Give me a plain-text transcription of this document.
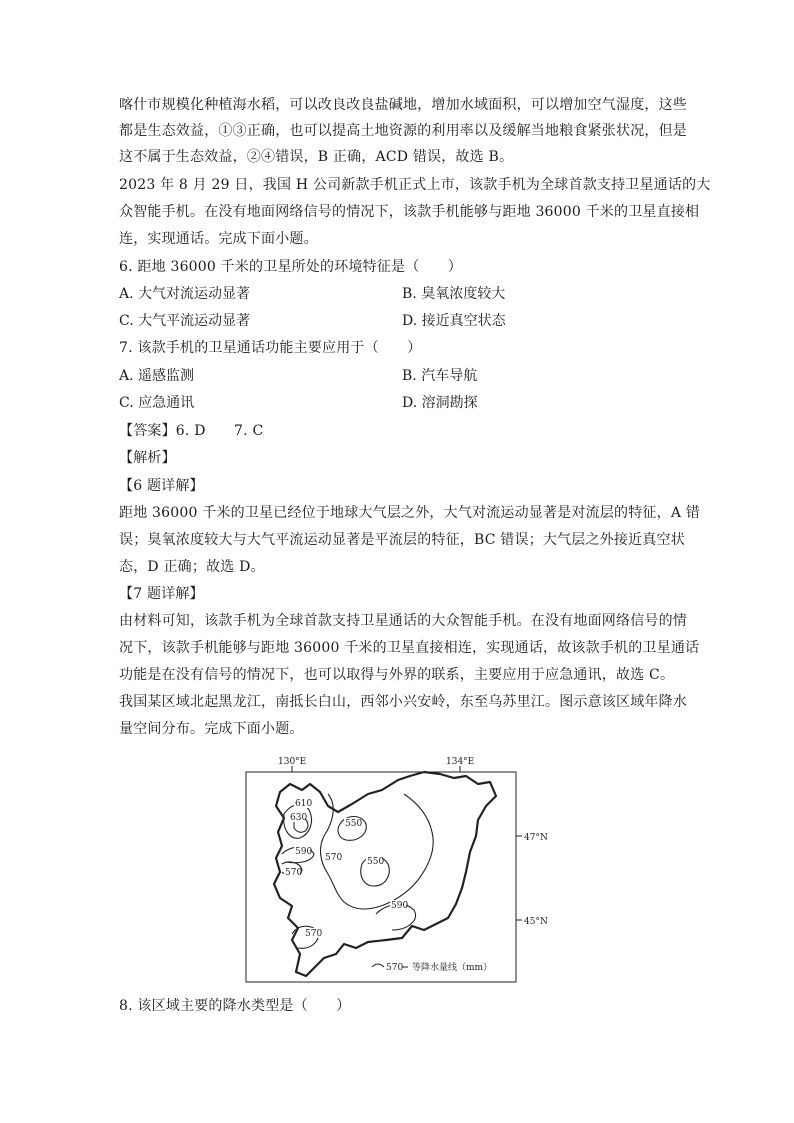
喀什市规模化种植海水稻，可以改良改良盐碱地，增加水域面积，可以增加空气湿度，这些
都是生态效益，①③正确，也可以提高土地资源的利用率以及缓解当地粮食紧张状况，但是
这不属于生态效益，②④错误，B 正确，ACD 错误，故选 B。
2023 年 8 月 29 日，我国 H 公司新款手机正式上市，该款手机为全球首款支持卫星通话的大
众智能手机。在没有地面网络信号的情况下，该款手机能够与距地 36000 千米的卫星直接相
连，实现通话。完成下面小题。
6. 距地 36000 千米的卫星所处的环境特征是（　　）
A. 大气对流运动显著	B. 臭氧浓度较大
C. 大气平流运动显著	D. 接近真空状态
7. 该款手机的卫星通话功能主要应用于（　　）
A. 遥感监测	B. 汽车导航
C. 应急通讯	D. 溶洞勘探
【答案】6. D　　7. C
【解析】
【6 题详解】
距地 36000 千米的卫星已经位于地球大气层之外，大气对流运动显著是对流层的特征，A 错
误；臭氧浓度较大与大气平流运动显著是平流层的特征，BC 错误；大气层之外接近真空状
态，D 正确；故选 D。
【7 题详解】
由材料可知，该款手机为全球首款支持卫星通话的大众智能手机。在没有地面网络信号的情
况下，该款手机能够与距地 36000 千米的卫星直接相连，实现通话，故该款手机的卫星通话
功能是在没有信号的情况下，也可以取得与外界的联系，主要应用于应急通讯，故选 C。
我国某区域北起黑龙江，南抵长白山，西邻小兴安岭，东至乌苏里江。图示意该区域年降水
量空间分布。完成下面小题。
130°E	134°E
47°N
45°N
610
630
550
590
570	550
570
590
570
570 等降水量线（mm）
8. 该区域主要的降水类型是（　　）
